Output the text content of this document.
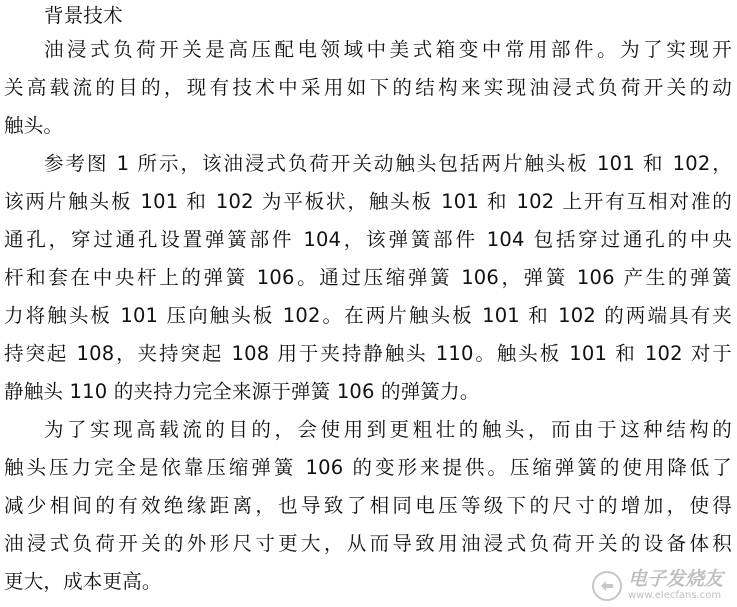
背景技术
油浸式负荷开关是高压配电领域中美式箱变中常用部件。为了实现开
关高载流的目的，现有技术中采用如下的结构来实现油浸式负荷开关的动
触头。
参考图 1 所示，该油浸式负荷开关动触头包括两片触头板 101 和 102，
该两片触头板 101 和 102 为平板状，触头板 101 和 102 上开有互相对准的
通孔，穿过通孔设置弹簧部件 104，该弹簧部件 104 包括穿过通孔的中央
杆和套在中央杆上的弹簧 106。通过压缩弹簧 106，弹簧 106 产生的弹簧
力将触头板 101 压向触头板 102。在两片触头板 101 和 102 的两端具有夹
持突起 108，夹持突起 108 用于夹持静触头 110。触头板 101 和 102 对于
静触头 110 的夹持力完全来源于弹簧 106 的弹簧力。
为了实现高载流的目的，会使用到更粗壮的触头，而由于这种结构的
触头压力完全是依靠压缩弹簧 106 的变形来提供。压缩弹簧的使用降低了
减少相间的有效绝缘距离，也导致了相同电压等级下的尺寸的增加，使得
油浸式负荷开关的外形尺寸更大，从而导致用油浸式负荷开关的设备体积
更大，成本更高。	电子发烧友
www.elecfans.com
